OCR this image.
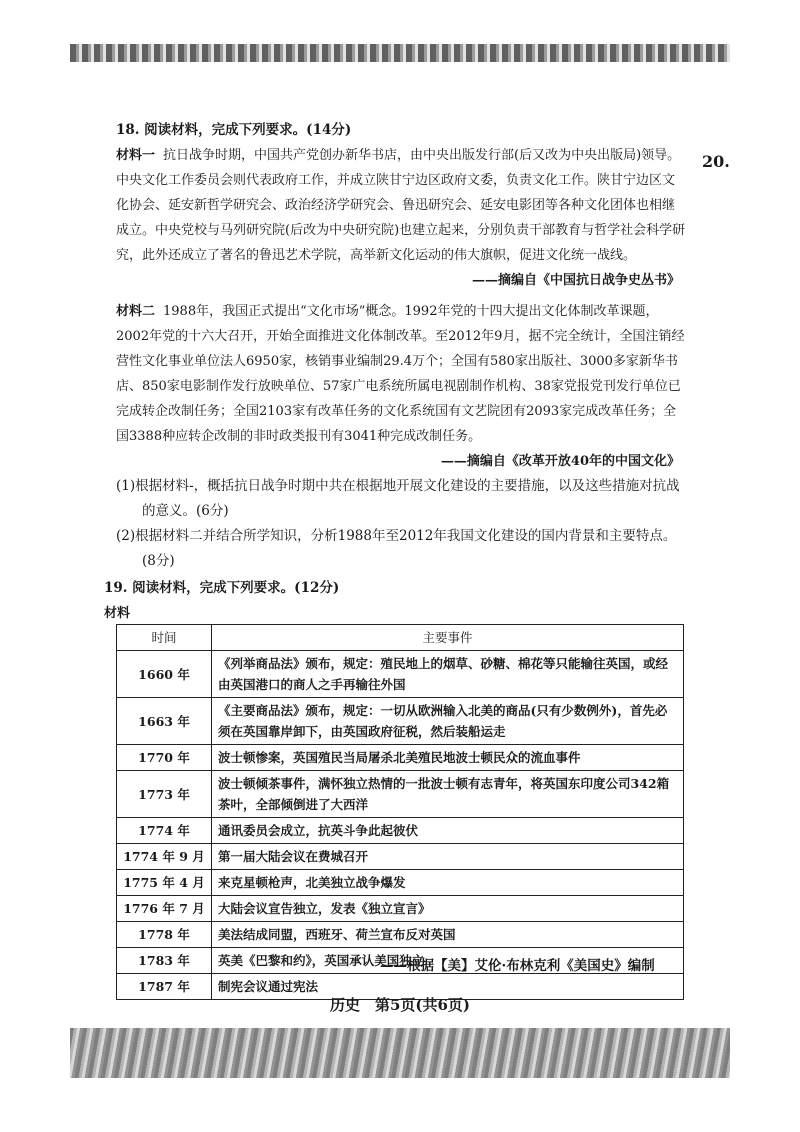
20.
18. 阅读材料，完成下列要求。(14分)

材料一 抗日战争时期，中国共产党创办新华书店，由中央出版发行部(后又改为中央出版局)领导。中央文化工作委员会则代表政府工作，并成立陕甘宁边区政府文委，负责文化工作。陕甘宁边区文化协会、延安新哲学研究会、政治经济学研究会、鲁迅研究会、延安电影团等各种文化团体也相继成立。中央党校与马列研究院(后改为中央研究院)也建立起来，分别负责干部教育与哲学社会科学研究，此外还成立了著名的鲁迅艺术学院，高举新文化运动的伟大旗帜，促进文化统一战线。

——摘编自《中国抗日战争史丛书》

材料二 1988年，我国正式提出“文化市场”概念。1992年党的十四大提出文化体制改革课题，2002年党的十六大召开，开始全面推进文化体制改革。至2012年9月，据不完全统计，全国注销经营性文化事业单位法人6950家，核销事业编制29.4万个；全国有580家出版社、3000多家新华书店、850家电影制作发行放映单位、57家广电系统所属电视剧制作机构、38家党报党刊发行单位已完成转企改制任务；全国2103家有改革任务的文化系统国有文艺院团有2093家完成改革任务；全国3388种应转企改制的非时政类报刊有3041种完成改制任务。

——摘编自《改革开放40年的中国文化》
(1)根据材料-，概括抗日战争时期中共在根据地开展文化建设的主要措施，以及这些措施对抗战的意义。(6分)
(2)根据材料二并结合所学知识，分析1988年至2012年我国文化建设的国内背景和主要特点。(8分)
19. 阅读材料，完成下列要求。(12分)
材料
时间	主要事件
1660 年	《列举商品法》颁布，规定：殖民地上的烟草、砂糖、棉花等只能输往英国，或经由英国港口的商人之手再输往外国
1663 年	《主要商品法》颁布，规定：一切从欧洲输入北美的商品(只有少数例外)，首先必须在英国靠岸卸下，由英国政府征税，然后装船运走
1770 年	波士顿惨案，英国殖民当局屠杀北美殖民地波士顿民众的流血事件
1773 年	波士顿倾茶事件，满怀独立热情的一批波士顿有志青年，将英国东印度公司342箱茶叶，全部倾倒进了大西洋
1774 年	通讯委员会成立，抗英斗争此起彼伏
1774 年 9 月	第一届大陆会议在费城召开
1775 年 4 月	来克星顿枪声，北美独立战争爆发
1776 年 7 月	大陆会议宣告独立，发表《独立宣言》
1778 年	美法结成同盟，西班牙、荷兰宣布反对英国
1783 年	英美《巴黎和约》，英国承认美国独立
1787 年	制宪会议通过宪法
——根据【美】艾伦·布林克利《美国史》编制
历史　第5页(共6页)
